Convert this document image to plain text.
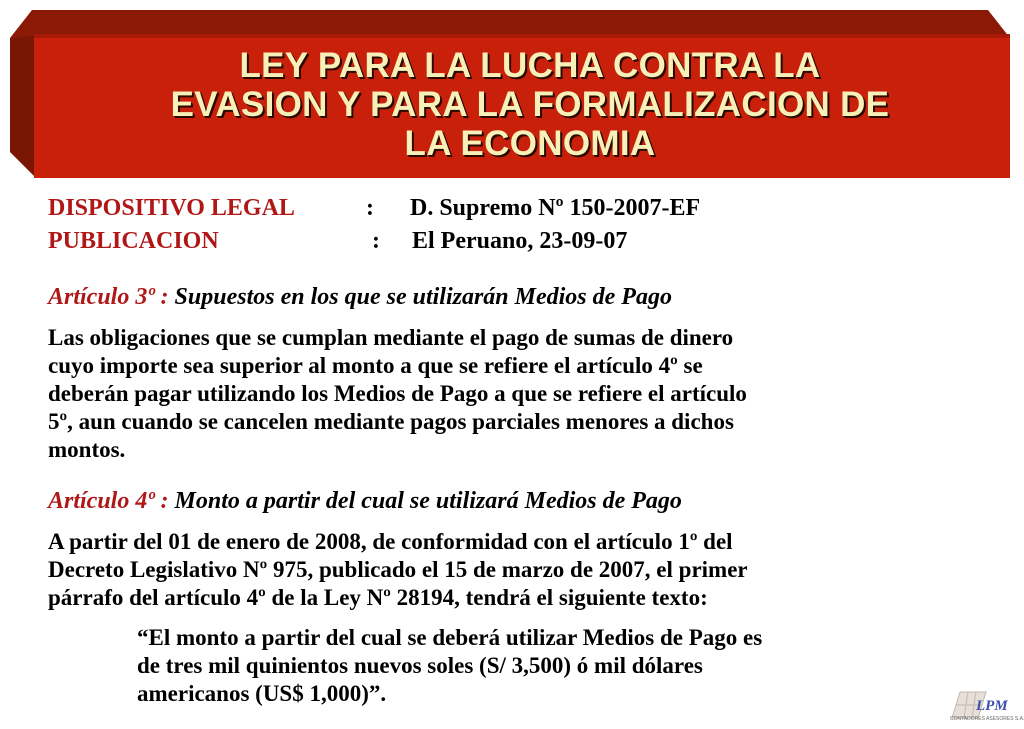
LEY PARA LA LUCHA CONTRA LA
EVASION Y PARA LA FORMALIZACION DE
LA ECONOMIA
DISPOSITIVO LEGAL	: D. Supremo Nº 150-2007-EF
PUBLICACION	: El Peruano, 23-09-07
Artículo 3º : Supuestos en los que se utilizarán Medios de Pago
Las obligaciones que se cumplan mediante el pago de sumas de dinero
cuyo importe sea superior al monto a que se refiere el artículo 4º se
deberán pagar utilizando los Medios de Pago a que se refiere el artículo
5º, aun cuando se cancelen mediante pagos parciales menores a dichos
montos.
Artículo 4º : Monto a partir del cual se utilizará Medios de Pago
A partir del 01 de enero de 2008, de conformidad con el artículo 1º del
Decreto Legislativo Nº 975, publicado el 15 de marzo de 2007, el primer
párrafo del artículo 4º de la Ley Nº 28194, tendrá el siguiente texto:
“El monto a partir del cual se deberá utilizar Medios de Pago es
de tres mil quinientos nuevos soles (S/ 3,500) ó mil dólares
americanos (US$ 1,000)”.	LPM
CONTADORES ASESORES S.A.
